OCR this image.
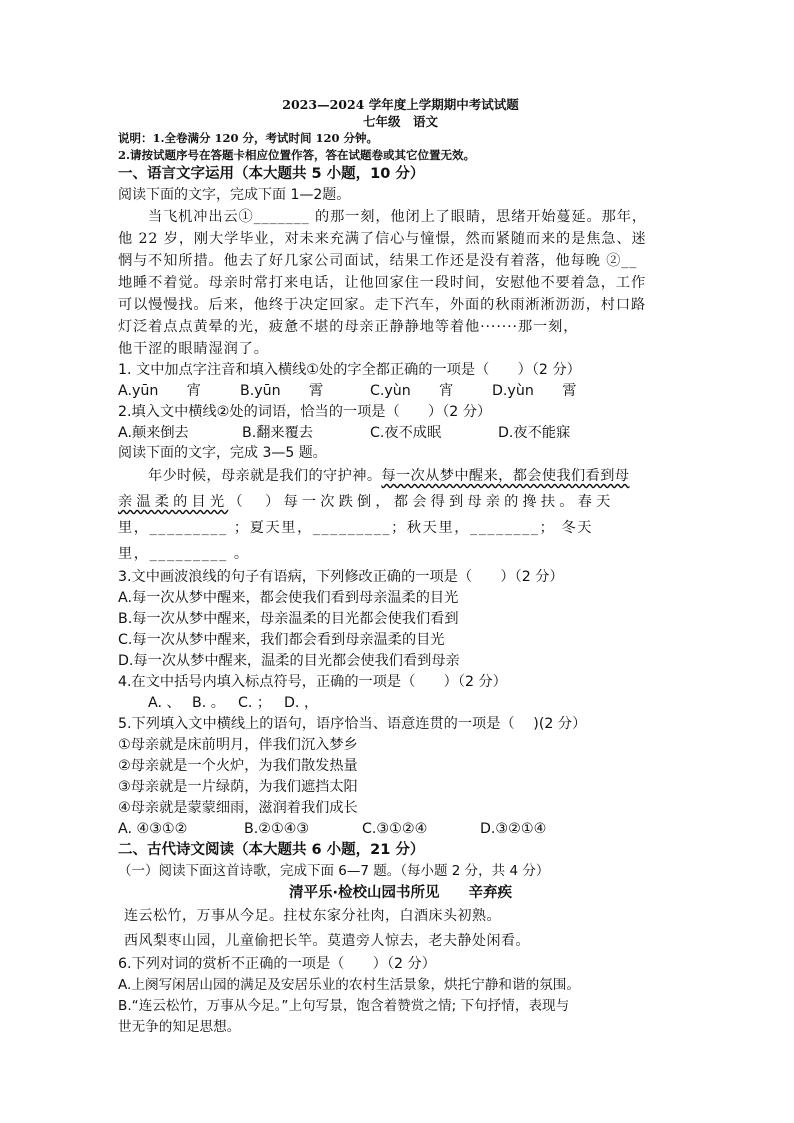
2023—2024 学年度上学期期中考试试题
七年级　语文
说明：1.全卷满分 120 分，考试时间 120 分钟。
2.请按试题序号在答题卡相应位置作答，答在试题卷或其它位置无效。
一、语言文字运用（本大题共 5 小题，10 分）
阅读下面的文字，完成下面 1—2题。
当飞机冲出云①_______ 的那一刻，他闭上了眼睛，思绪开始蔓延。那年，
他 22 岁，刚大学毕业，对未来充满了信心与憧憬，然而紧随而来的是焦急、迷
惘与不知所措。他去了好几家公司面试，结果工作还是没有着落，他每晚 ②__
地睡不着觉。母亲时常打来电话，让他回家住一段时间，安慰他不要着急，工作
可以慢慢找。后来，他终于决定回家。走下汽车，外面的秋雨淅淅沥沥，村口路
灯泛着点点黄晕的光，疲惫不堪的母亲正静静地等着他·······那一刻，
他干涩的眼睛湿润了。
1. 文中加点字注音和填入横线①处的字全都正确的一项是（　　）（2 分）
A.yūn　　宵	B.yūn　　霄	C.yùn　　宵	D.yùn　　霄
2.填入文中横线②处的词语，恰当的一项是（　　）（2 分）
A.颠来倒去	B.翻来覆去	C.夜不成眠	D.夜不能寐
阅读下面的文字，完成 3—5 题。
年少时候，母亲就是我们的守护神。每一次从梦中醒来，都会使我们看到母
亲温柔的目光（　）每一次跌倒，都会得到母亲的搀扶。春天
里，_________ ；夏天里，_________；秋天里，________； 冬天
里，_________ 。
3.文中画波浪线的句子有语病，下列修改正确的一项是（　　）（2 分）
A.每一次从梦中醒来，都会使我们看到母亲温柔的目光
B.每一次从梦中醒来，母亲温柔的目光都会使我们看到
C.每一次从梦中醒来，我们都会看到母亲温柔的目光
D.每一次从梦中醒来，温柔的目光都会使我们看到母亲
4.在文中括号内填入标点符号，正确的一项是（　　）（2 分）
A. 、 B. 。 C. ； D. ，
5.下列填入文中横线上的语句，语序恰当、语意连贯的一项是（　 )(2 分）
①母亲就是床前明月，伴我们沉入梦乡
②母亲就是一个火炉，为我们散发热量
③母亲就是一片绿荫，为我们遮挡太阳
④母亲就是蒙蒙细雨，滋润着我们成长
A. ④③①②	B.②①④③	C.③①②④	D.③②①④
二、古代诗文阅读（本大题共 6 小题，21 分）
（一）阅读下面这首诗歌，完成下面 6—7 题。（每小题 2 分，共 4 分）
清平乐·检校山园书所见　　辛弃疾
连云松竹，万事从今足。拄杖东家分社肉，白酒床头初熟。
西风梨枣山园，儿童偷把长竿。莫遣旁人惊去，老夫静处闲看。
6.下列对词的赏析不正确的一项是（　　）（2 分）
A.上阕写闲居山园的满足及安居乐业的农村生活景象，烘托宁静和谐的氛围。
B.“连云松竹，万事从今足。”上句写景，饱含着赞赏之情; 下句抒情，表现与
世无争的知足思想。
